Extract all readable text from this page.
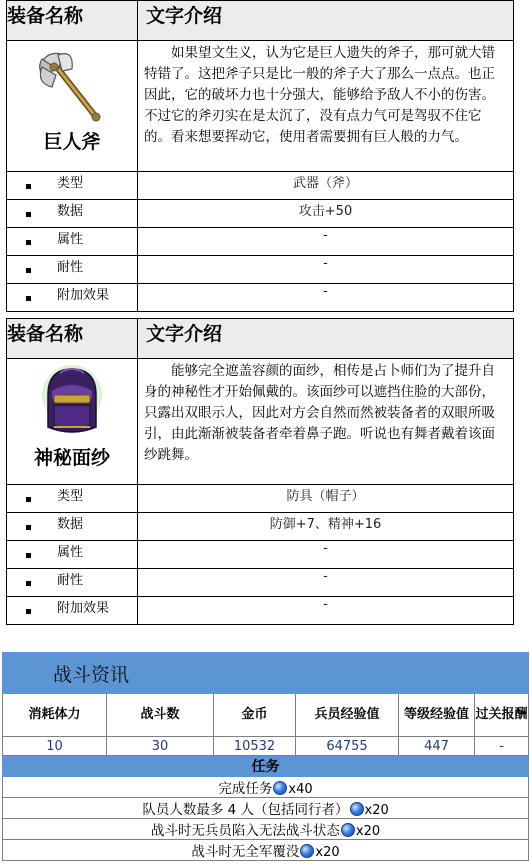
装备名称	文字介绍

巨人斧	如果望文生义，认为它是巨人遗失的斧子，那可就大错特错了。这把斧子只是比一般的斧子大了那么一点点。也正因此，它的破坏力也十分强大，能够给予敌人不小的伤害。不过它的斧刃实在是太沉了，没有点力气可是驾驭不住它的。看来想要挥动它，使用者需要拥有巨人般的力气。

类型	武器（斧）
数据	攻击+50
属性	-
耐性	-
附加效果	-
装备名称	文字介绍

神秘面纱	能够完全遮盖容颜的面纱，相传是占卜师们为了提升自身的神秘性才开始佩戴的。该面纱可以遮挡住脸的大部份，只露出双眼示人，因此对方会自然而然被装备者的双眼所吸引，由此渐渐被装备者牵着鼻子跑。听说也有舞者戴着该面纱跳舞。

类型	防具（帽子）
数据	防御+7、精神+16
属性	-
耐性	-
附加效果	-
战斗资讯					
消耗体力	战斗数	金币	兵员经验值	等级经验值	过关报酬
10	30	10532	64755	447	-
任务					
完成任务 x40					
队员人数最多 4 人（包括同行者） x20					
战斗时无兵员陷入无法战斗状态 x20					
战斗时无全军覆没 x20					
